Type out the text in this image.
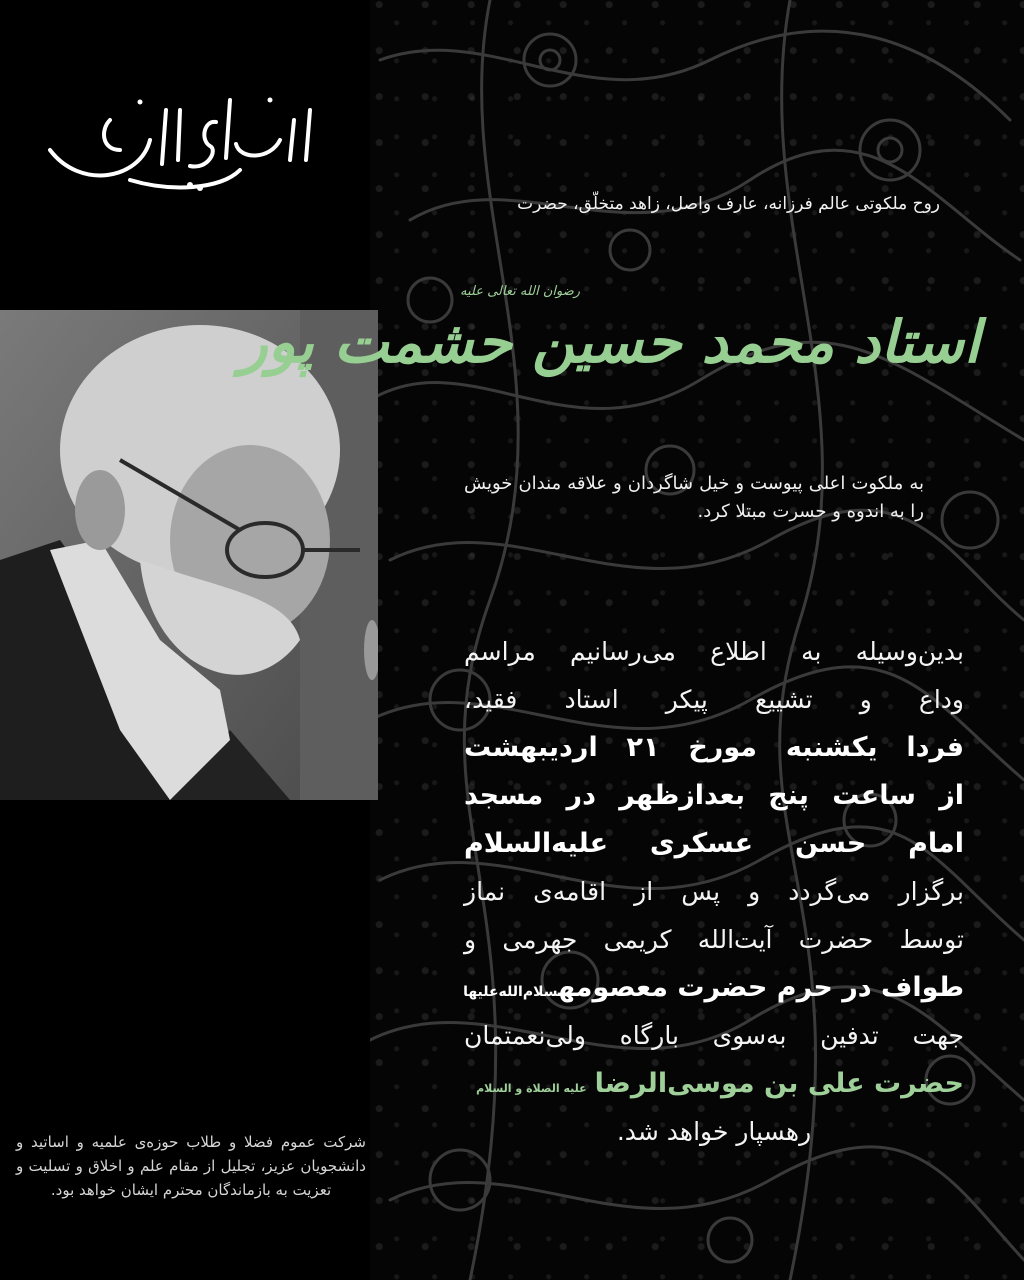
روح ملکوتی عالم فرزانه، عارف واصل، زاهد متخلّق، حضرت
رضوان الله تعالی علیه
استاد محمد حسین حشمت پور
به ملکوت اعلی پیوست و خیل شاگردان و علاقه مندان خویش را به اندوه و حسرت مبتلا کرد.
بدین‌وسیله به اطلاع می‌رسانیم مراسم
وداع و تشییع پیکر استاد فقید،
فردا یکشنبه مورخ ۲۱ اردیبهشت
از ساعت پنج بعدازظهر در مسجد
امام حسن عسکری علیه‌السلام
برگزار می‌گردد و پس از اقامه‌ی نماز
توسط حضرت آیت‌الله کریمی جهرمی و
طواف در حرم حضرت معصومهسلام‌الله‌علیها
جهت تدفین به‌سوی بارگاه ولی‌نعمتمان
حضرت علی بن موسی‌الرضاعلیه الصلاة و السلام
رهسپار خواهد شد.
شرکت عموم فضلا و طلاب حوزه‌ی علمیه و اساتید و دانشجویان عزیز، تجلیل از مقام علم و اخلاق و تسلیت و تعزیت به بازماندگان محترم ایشان خواهد بود.
